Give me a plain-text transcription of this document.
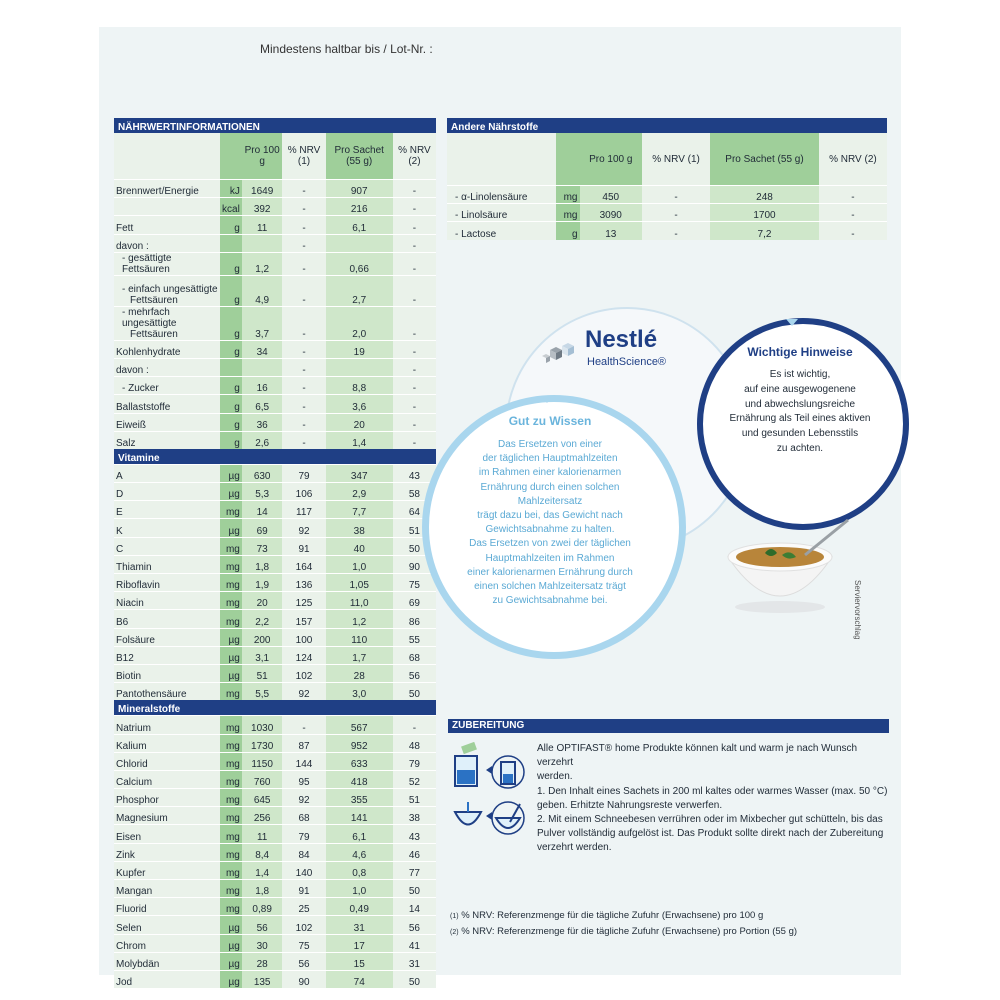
Mindestens haltbar bis / Lot-Nr. :
NÄHRWERTINFORMATIONEN					
		Pro 100 g	% NRV (1)	Pro Sachet (55 g)	% NRV (2)
Brennwert/Energie	kJ	1649	-	907	-
	kcal	392	-	216	-
Fett	g	11	-	6,1	-
davon :			-		-
- gesättigte Fettsäuren	g	1,2	-	0,66	-
- einfach ungesättigte
Fettsäuren	g	4,9	-	2,7	-
- mehrfach ungesättigte
Fettsäuren	g	3,7	-	2,0	-
Kohlenhydrate	g	34	-	19	-
davon :			-		-
- Zucker	g	16	-	8,8	-
Ballaststoffe	g	6,5	-	3,6	-
Eiweiß	g	36	-	20	-
Salz	g	2,6	-	1,4	-
Vitamine					
A	µg	630	79	347	43
D	µg	5,3	106	2,9	58
E	mg	14	117	7,7	64
K	µg	69	92	38	51
C	mg	73	91	40	50
Thiamin	mg	1,8	164	1,0	90
Riboflavin	mg	1,9	136	1,05	75
Niacin	mg	20	125	11,0	69
B6	mg	2,2	157	1,2	86
Folsäure	µg	200	100	110	55
B12	µg	3,1	124	1,7	68
Biotin	µg	51	102	28	56
Pantothensäure	mg	5,5	92	3,0	50
Mineralstoffe					
Natrium	mg	1030	-	567	-
Kalium	mg	1730	87	952	48
Chlorid	mg	1150	144	633	79
Calcium	mg	760	95	418	52
Phosphor	mg	645	92	355	51
Magnesium	mg	256	68	141	38
Eisen	mg	11	79	6,1	43
Zink	mg	8,4	84	4,6	46
Kupfer	mg	1,4	140	0,8	77
Mangan	mg	1,8	91	1,0	50
Fluorid	mg	0,89	25	0,49	14
Selen	µg	56	102	31	56
Chrom	µg	30	75	17	41
Molybdän	µg	28	56	15	31
Jod	µg	135	90	74	50
Andere Nährstoffe					
		Pro 100 g	% NRV (1)	Pro Sachet (55 g)	% NRV (2)
- α-Linolensäure	mg	450	-	248	-
- Linolsäure	mg	3090	-	1700	-
- Lactose	g	13	-	7,2	-
Nestlé
HealthScience®
Gut zu Wissen
Das Ersetzen von einer
der täglichen Hauptmahlzeiten
im Rahmen einer kalorienarmen
Ernährung durch einen solchen Mahlzeitersatz
trägt dazu bei, das Gewicht nach
Gewichtsabnahme zu halten.
Das Ersetzen von zwei der täglichen
Hauptmahlzeiten im Rahmen
einer kalorienarmen Ernährung durch
einen solchen Mahlzeitersatz trägt
zu Gewichtsabnahme bei.
Wichtige Hinweise
Es ist wichtig,
auf eine ausgewogenene
und abwechslungsreiche
Ernährung als Teil eines aktiven
und gesunden Lebensstils
zu achten.
Serviervorschlag
ZUBEREITUNG
Alle OPTIFAST® home Produkte können kalt und warm je nach Wunsch verzehrt
werden.
1. Den Inhalt eines Sachets in 200 ml kaltes oder warmes Wasser (max. 50 °C)
geben. Erhitzte Nahrungsreste verwerfen.
2. Mit einem Schneebesen verrühren oder im Mixbecher gut schütteln, bis das
Pulver vollständig aufgelöst ist. Das Produkt sollte direkt nach der Zubereitung
verzehrt werden.
(1) % NRV: Referenzmenge für die tägliche Zufuhr (Erwachsene) pro 100 g
(2) % NRV: Referenzmenge für die tägliche Zufuhr (Erwachsene) pro Portion (55 g)
